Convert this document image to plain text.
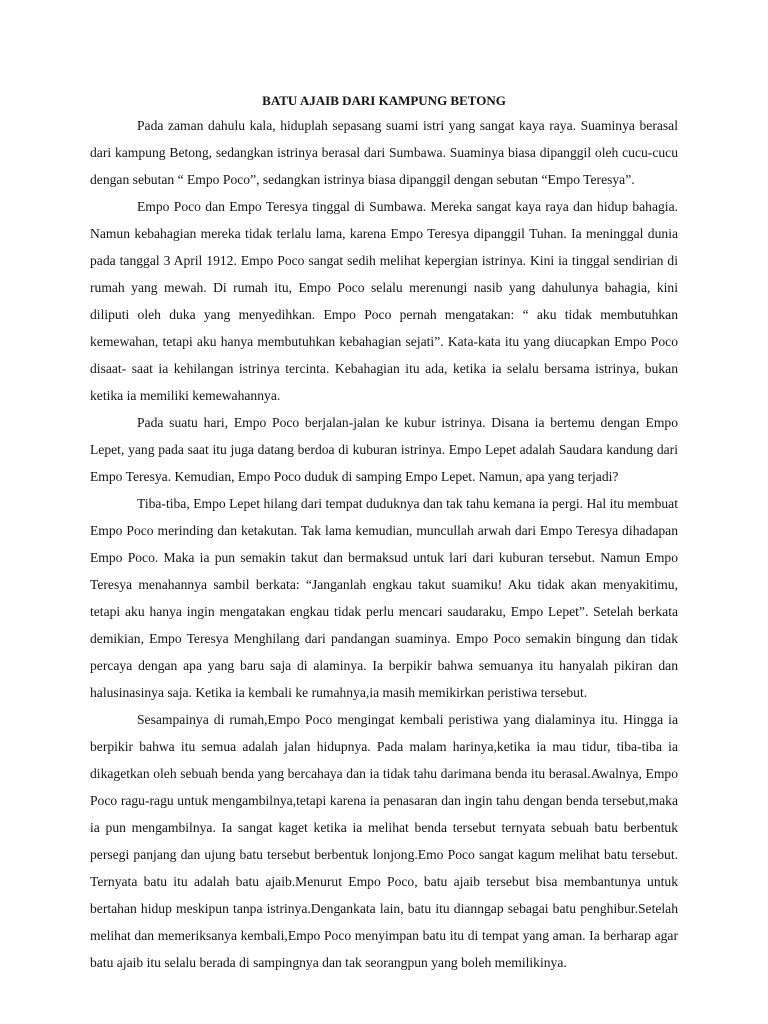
BATU AJAIB DARI KAMPUNG BETONG

Pada zaman dahulu kala, hiduplah sepasang suami istri yang sangat kaya raya. Suaminya berasal dari kampung Betong, sedangkan istrinya berasal dari Sumbawa. Suaminya biasa dipanggil oleh cucu-cucu dengan sebutan “ Empo Poco”, sedangkan istrinya biasa dipanggil dengan sebutan “Empo Teresya”.

Empo Poco dan Empo Teresya tinggal di Sumbawa. Mereka sangat kaya raya dan hidup bahagia. Namun kebahagian mereka tidak terlalu lama, karena Empo Teresya dipanggil Tuhan. Ia meninggal dunia pada tanggal 3 April 1912. Empo Poco sangat sedih melihat kepergian istrinya. Kini ia tinggal sendirian di rumah yang mewah. Di rumah itu, Empo Poco selalu merenungi nasib yang dahulunya bahagia, kini diliputi oleh duka yang menyedihkan. Empo Poco pernah mengatakan: “ aku tidak membutuhkan kemewahan, tetapi aku hanya membutuhkan kebahagian sejati”. Kata-kata itu yang diucapkan Empo Poco disaat- saat ia kehilangan istrinya tercinta. Kebahagian itu ada, ketika ia selalu bersama istrinya, bukan ketika ia memiliki kemewahannya.

Pada suatu hari, Empo Poco berjalan-jalan ke kubur istrinya. Disana ia bertemu dengan Empo Lepet, yang pada saat itu juga datang berdoa di kuburan istrinya. Empo Lepet adalah Saudara kandung dari Empo Teresya. Kemudian, Empo Poco duduk di samping Empo Lepet. Namun, apa yang terjadi?

Tiba-tiba, Empo Lepet hilang dari tempat duduknya dan tak tahu kemana ia pergi. Hal itu membuat Empo Poco merinding dan ketakutan. Tak lama kemudian, muncullah arwah dari Empo Teresya dihadapan Empo Poco. Maka ia pun semakin takut dan bermaksud untuk lari dari kuburan tersebut. Namun Empo Teresya menahannya sambil berkata: “Janganlah engkau takut suamiku! Aku tidak akan menyakitimu, tetapi aku hanya ingin mengatakan engkau tidak perlu mencari saudaraku, Empo Lepet”. Setelah berkata demikian, Empo Teresya Menghilang dari pandangan suaminya. Empo Poco semakin bingung dan tidak percaya dengan apa yang baru saja di alaminya. Ia berpikir bahwa semuanya itu hanyalah pikiran dan halusinasinya saja. Ketika ia kembali ke rumahnya,ia masih memikirkan peristiwa tersebut.

Sesampainya di rumah,Empo Poco mengingat kembali peristiwa yang dialaminya itu. Hingga ia berpikir bahwa itu semua adalah jalan hidupnya. Pada malam harinya,ketika ia mau tidur, tiba-tiba ia dikagetkan oleh sebuah benda yang bercahaya dan ia tidak tahu darimana benda itu berasal.Awalnya, Empo Poco ragu-ragu untuk mengambilnya,tetapi karena ia penasaran dan ingin tahu dengan benda tersebut,maka ia pun mengambilnya. Ia sangat kaget ketika ia melihat benda tersebut ternyata sebuah batu berbentuk persegi panjang dan ujung batu tersebut berbentuk lonjong.Emo Poco sangat kagum melihat batu tersebut. Ternyata batu itu adalah batu ajaib.Menurut Empo Poco, batu ajaib tersebut bisa membantunya untuk bertahan hidup meskipun tanpa istrinya.Dengankata lain, batu itu dianngap sebagai batu penghibur.Setelah melihat dan memeriksanya kembali,Empo Poco menyimpan batu itu di tempat yang aman. Ia berharap agar batu ajaib itu selalu berada di sampingnya dan tak seorangpun yang boleh memilikinya.
